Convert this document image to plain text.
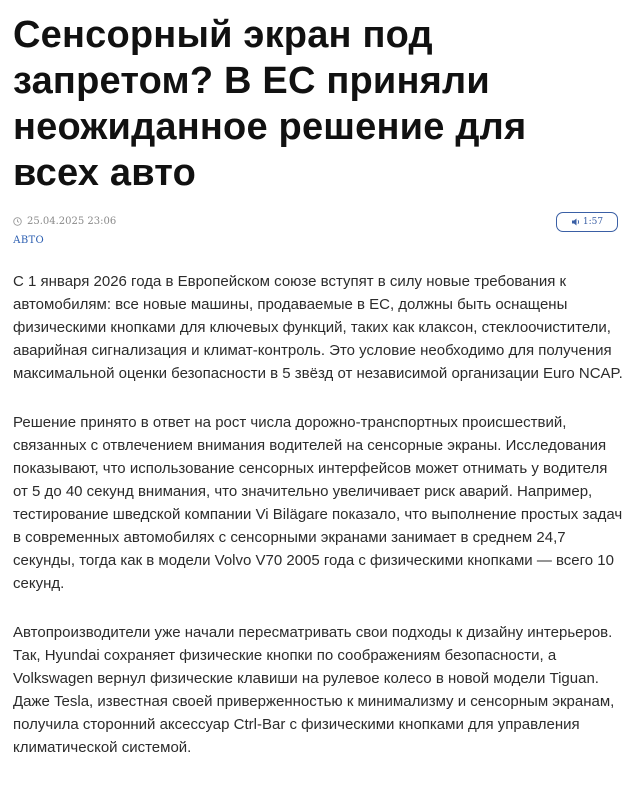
Сенсорный экран под запретом? В ЕС приняли неожиданное решение для всех авто
25.04.2025 23:06
АВТО
1:57

С 1 января 2026 года в Европейском союзе вступят в силу новые требования к автомобилям: все новые машины, продаваемые в ЕС, должны быть оснащены физическими кнопками для ключевых функций, таких как клаксон, стеклоочистители, аварийная сигнализация и климат-контроль. Это условие необходимо для получения максимальной оценки безопасности в 5 звёзд от независимой организации Euro NCAP.

Решение принято в ответ на рост числа дорожно-транспортных происшествий, связанных с отвлечением внимания водителей на сенсорные экраны. Исследования показывают, что использование сенсорных интерфейсов может отнимать у водителя от 5 до 40 секунд внимания, что значительно увеличивает риск аварий. Например, тестирование шведской компании Vi Bilägare показало, что выполнение простых задач в современных автомобилях с сенсорными экранами занимает в среднем 24,7 секунды, тогда как в модели Volvo V70 2005 года с физическими кнопками — всего 10 секунд.

Автопроизводители уже начали пересматривать свои подходы к дизайну интерьеров. Так, Hyundai сохраняет физические кнопки по соображениям безопасности, а Volkswagen вернул физические клавиши на рулевое колесо в новой модели Tiguan. Даже Tesla, известная своей приверженностью к минимализму и сенсорным экранам, получила сторонний аксессуар Ctrl-Bar с физическими кнопками для управления климатической системой.
